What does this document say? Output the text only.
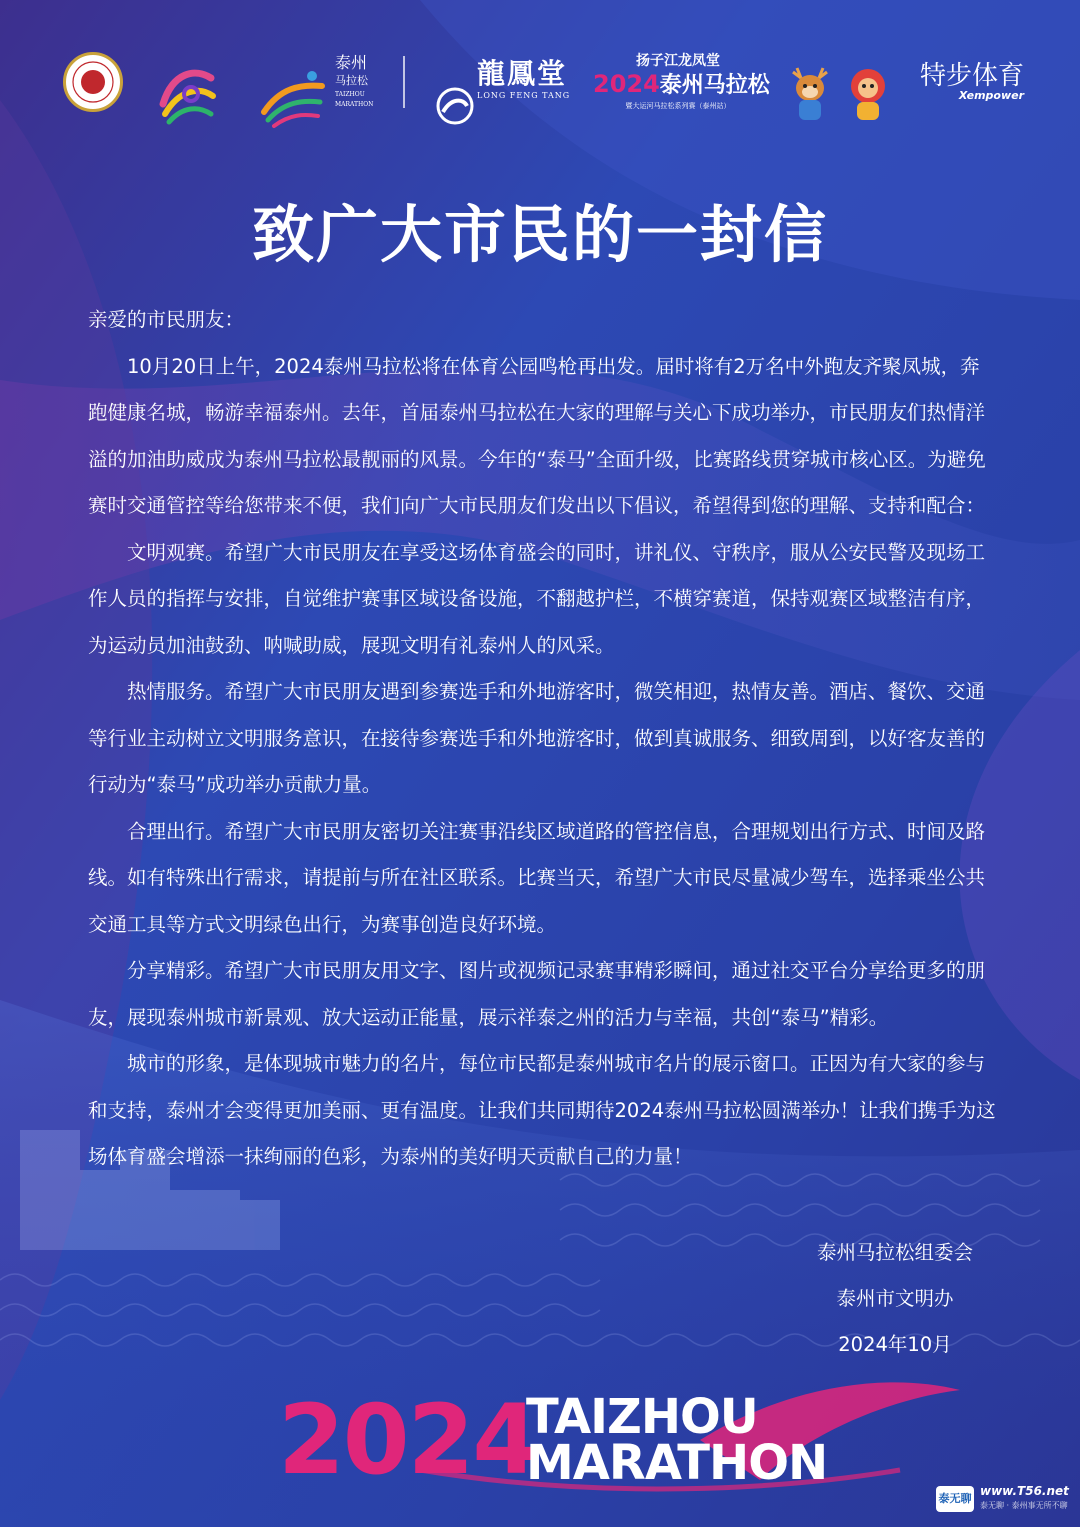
泰州
马拉松
TAIZHOU MARATHON
龍鳳堂
LONG FENG TANG
扬子江龙凤堂
2024泰州马拉松
暨大运河马拉松系列赛（泰州站）
特步体育
Xempower
致广大市民的一封信

亲爱的市民朋友：

10月20日上午，2024泰州马拉松将在体育公园鸣枪再出发。届时将有2万名中外跑友齐聚凤城，奔跑健康名城，畅游幸福泰州。去年，首届泰州马拉松在大家的理解与关心下成功举办，市民朋友们热情洋溢的加油助威成为泰州马拉松最靓丽的风景。今年的“泰马”全面升级，比赛路线贯穿城市核心区。为避免赛时交通管控等给您带来不便，我们向广大市民朋友们发出以下倡议，希望得到您的理解、支持和配合：

文明观赛。希望广大市民朋友在享受这场体育盛会的同时，讲礼仪、守秩序，服从公安民警及现场工作人员的指挥与安排，自觉维护赛事区域设备设施，不翻越护栏，不横穿赛道，保持观赛区域整洁有序，为运动员加油鼓劲、呐喊助威，展现文明有礼泰州人的风采。

热情服务。希望广大市民朋友遇到参赛选手和外地游客时，微笑相迎，热情友善。酒店、餐饮、交通等行业主动树立文明服务意识，在接待参赛选手和外地游客时，做到真诚服务、细致周到，以好客友善的行动为“泰马”成功举办贡献力量。

合理出行。希望广大市民朋友密切关注赛事沿线区域道路的管控信息，合理规划出行方式、时间及路线。如有特殊出行需求，请提前与所在社区联系。比赛当天，希望广大市民尽量减少驾车，选择乘坐公共交通工具等方式文明绿色出行，为赛事创造良好环境。

分享精彩。希望广大市民朋友用文字、图片或视频记录赛事精彩瞬间，通过社交平台分享给更多的朋友，展现泰州城市新景观、放大运动正能量，展示祥泰之州的活力与幸福，共创“泰马”精彩。

城市的形象，是体现城市魅力的名片，每位市民都是泰州城市名片的展示窗口。正因为有大家的参与和支持，泰州才会变得更加美丽、更有温度。让我们共同期待2024泰州马拉松圆满举办！让我们携手为这场体育盛会增添一抹绚丽的色彩，为泰州的美好明天贡献自己的力量！

泰州马拉松组委会
泰州市文明办
2024年10月
2024
TAIZHOU
MARATHON
泰无聊
www.T56.net
泰无聊 · 泰州事无所不聊
